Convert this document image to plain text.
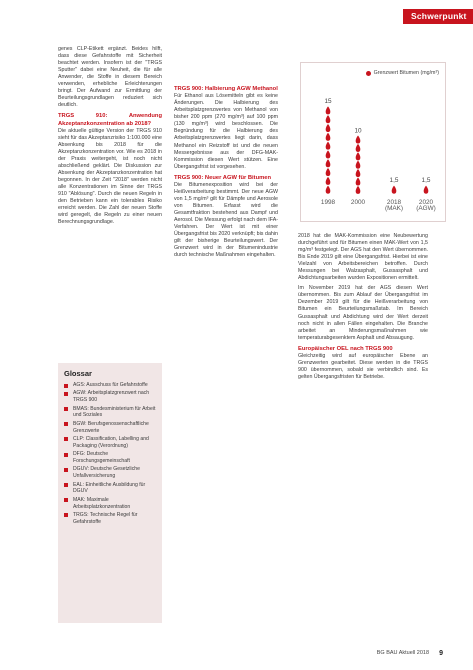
Schwerpunkt

genes CLP-Etikett ergänzt. Beides hilft, dass diese Gefahrstoffe mit Sicherheit beachtet werden. Insofern ist der "TRGS Sputter" dabei eine Neuheit, die für alle Anwender, die Stoffe in diesem Bereich verwenden, erhebliche Erleichterungen bringt. Der Aufwand zur Ermittlung der Beurteilungsgrundlagen reduziert sich deutlich.

TRGS 910: Anwendung Akzeptanzkonzentration ab 2018?

Die aktuelle gültige Version der TRGS 910 sieht für das Akzeptanzrisiko 1:100.000 eine Absenkung bis 2018 für die Akzeptanzkonzentration vor. Wie es 2018 in der Praxis weitergeht, ist noch nicht abschließend geklärt. Die Diskussion zur Absenkung der Akzeptanzkonzentration hat begonnen. In der Zeit "2018" werden nicht alle Konzentrationen im Sinne der TRGS 910 "Ablösung". Durch die neuen Regeln in den Betrieben kann ein tolerables Risiko erreicht werden. Die Zahl der neuen Stoffe wird geregelt, die Regeln zu einer neuen Berechnungsgrundlage.

Glossar
AGS: Ausschuss für Gefahrstoffe
AGW: Arbeitsplatzgrenzwert nach TRGS 900
BMAS: Bundesministerium für Arbeit und Soziales
BGW: Berufsgenossenschaftliche Grenzwerte
CLP: Classification, Labelling and Packaging (Verordnung)
DFG: Deutsche Forschungsgemeinschaft
DGUV: Deutsche Gesetzliche Unfallversicherung
EAL: Einheitliche Ausbildung für DGUV
MAK: Maximale Arbeitsplatzkonzentration
TRGS: Technische Regel für Gefahrstoffe

TRGS 900: Halbierung AGW Methanol

Für Ethanol aus Lösemitteln gibt es keine Änderungen. Die Halbierung des Arbeitsplatzgrenzwertes von Methanol von bisher 200 ppm (270 mg/m³) auf 100 ppm (130 mg/m³) wird beschlossen. Die Begründung für die Halbierung des Arbeitsplatzgrenzwertes liegt darin, dass Methanol ein Reizstoff ist und die neuen Messergebnisse aus der DFG-MAK-Kommission diesen Wert stützen. Eine Übergangsfrist ist vorgesehen.

TRGS 900: Neuer AGW für Bitumen

Die Bitumenexposition wird bei der Heißverarbeitung bestimmt. Der neue AGW von 1,5 mg/m³ gilt für Dämpfe und Aerosole von Bitumen. Erfasst wird die Gesamtfraktion bestehend aus Dampf und Aerosol. Die Messung erfolgt nach dem IFA-Verfahren. Der Wert ist mit einer Übergangsfrist bis 2020 verknüpft; bis dahin gilt der bisherige Beurteilungswert. Der Grenzwert wird in der Bitumenindustrie durch technische Maßnahmen eingehalten.

Grenzwert Bitumen (mg/m³)
15
10
1,5	1,5
1998	2000	2018
(MAK)
2020
(AGW)

2018 hat die MAK-Kommission eine Neubewertung durchgeführt und für Bitumen einen MAK-Wert von 1,5 mg/m³ festgelegt. Der AGS hat den Wert übernommen. Bis Ende 2019 gilt eine Übergangsfrist. Hierbei ist eine Vielzahl von Arbeitsbereichen betroffen. Durch Messungen bei Walzasphalt, Gussasphalt und Abdichtungsarbeiten wurden Expositionen ermittelt.

Im November 2019 hat der AGS diesen Wert übernommen. Bis zum Ablauf der Übergangsfrist im Dezember 2019 gilt für die Heißverarbeitung von Bitumen ein Beurteilungsmaßstab. Im Bereich Gussasphalt und Abdichtung wird der Wert derzeit noch nicht in allen Fällen eingehalten. Die Branche arbeitet an Minderungsmaßnahmen wie temperaturabgesenktem Asphalt und Absaugung.

Europäischer OEL nach TRGS 900

Gleichzeitig wird auf europäischer Ebene an Grenzwerten gearbeitet. Diese werden in die TRGS 900 übernommen, sobald sie verbindlich sind. Es gelten Übergangsfristen für Betriebe.

BG BAU Aktuell 2018 9
